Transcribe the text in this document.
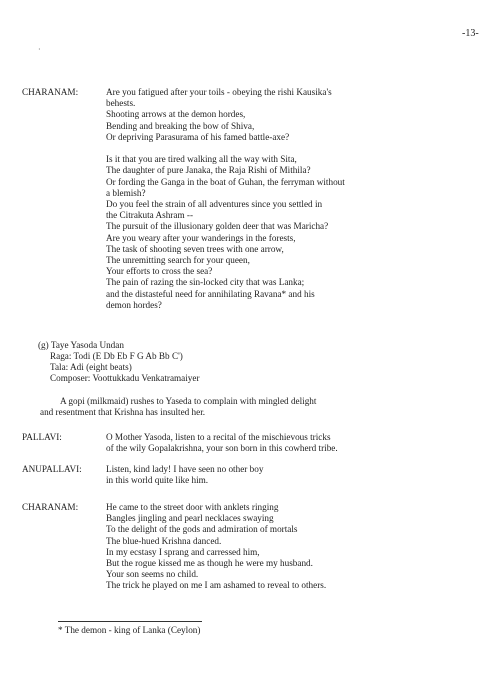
-13-
·
CHARANAM:	Are you fatigued after your toils - obeying the rishi Kausika's
behests.
Shooting arrows at the demon hordes,
Bending and breaking the bow of Shiva,
Or depriving Parasurama of his famed battle-axe?
Is it that you are tired walking all the way with Sita,
The daughter of pure Janaka, the Raja Rishi of Mithila?
Or fording the Ganga in the boat of Guhan, the ferryman without
a blemish?
Do you feel the strain of all adventures since you settled in
the Citrakuta Ashram --
The pursuit of the illusionary golden deer that was Maricha?
Are you weary after your wanderings in the forests,
The task of shooting seven trees with one arrow,
The unremitting search for your queen,
Your efforts to cross the sea?
The pain of razing the sin-locked city that was Lanka;
and the distasteful need for annihilating Ravana* and his
demon hordes?
(g) Taye Yasoda Undan
Raga: Todi (E Db Eb F G Ab Bb C')
Tala: Adi (eight beats)
Composer: Voottukkadu Venkatramaiyer
A gopi (milkmaid) rushes to Yaseda to complain with mingled delight
and resentment that Krishna has insulted her.
PALLAVI:	O Mother Yasoda, listen to a recital of the mischievous tricks
of the wily Gopalakrishna, your son born in this cowherd tribe.
ANUPALLAVI:	Listen, kind lady! I have seen no other boy
in this world quite like him.
CHARANAM:	He came to the street door with anklets ringing
Bangles jingling and pearl necklaces swaying
To the delight of the gods and admiration of mortals
The blue-hued Krishna danced.
In my ecstasy I sprang and carressed him,
But the rogue kissed me as though he were my husband.
Your son seems no child.
The trick he played on me I am ashamed to reveal to others.
* The demon - king of Lanka (Ceylon)
